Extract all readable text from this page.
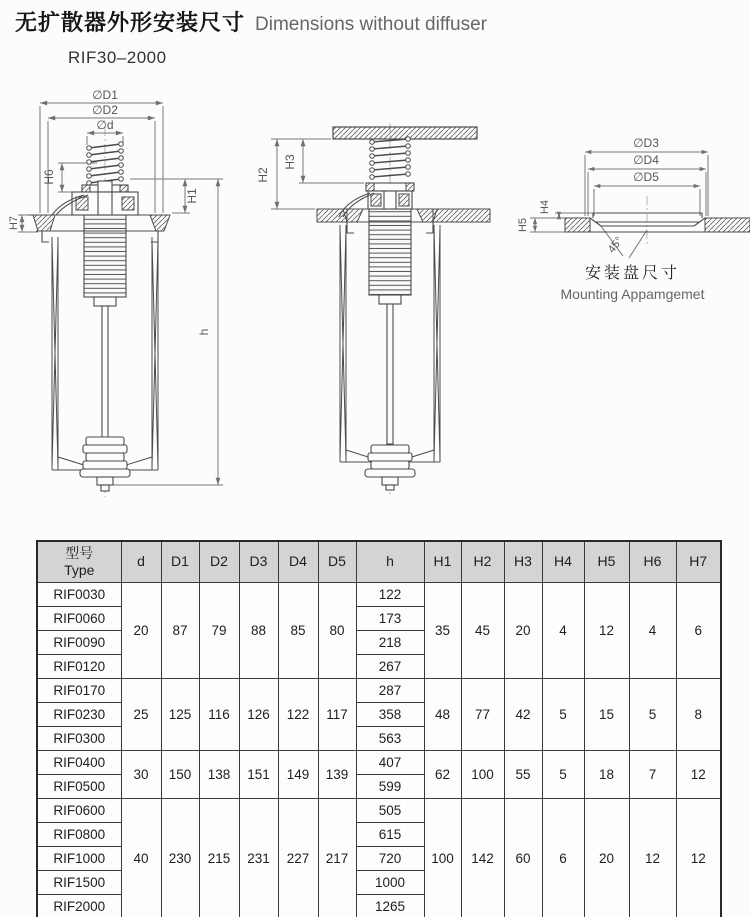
无扩散器外形安装尺寸 Dimensions without diffuser
RIF30–2000
∅D1
∅D2
∅d
H6
H7
H1
h
H2
H3
∅D3
∅D4
∅D5
H4
H5
45°
安装盘尺寸
Mounting Appamgemet
型号
Type	d	D1	D2	D3	D4	D5	h	H1	H2	H3	H4	H5	H6	H7
RIF0030	20	87	79	88	85	80	122	35	45	20	4	12	4	6
RIF0060							173							
RIF0090							218							
RIF0120							267							
RIF0170	25	125	116	126	122	117	287	48	77	42	5	15	5	8
RIF0230							358							
RIF0300							563							
RIF0400	30	150	138	151	149	139	407	62	100	55	5	18	7	12
RIF0500							599							
RIF0600	40	230	215	231	227	217	505	100	142	60	6	20	12	12
RIF0800							615							
RIF1000							720							
RIF1500							1000							
RIF2000							1265							
